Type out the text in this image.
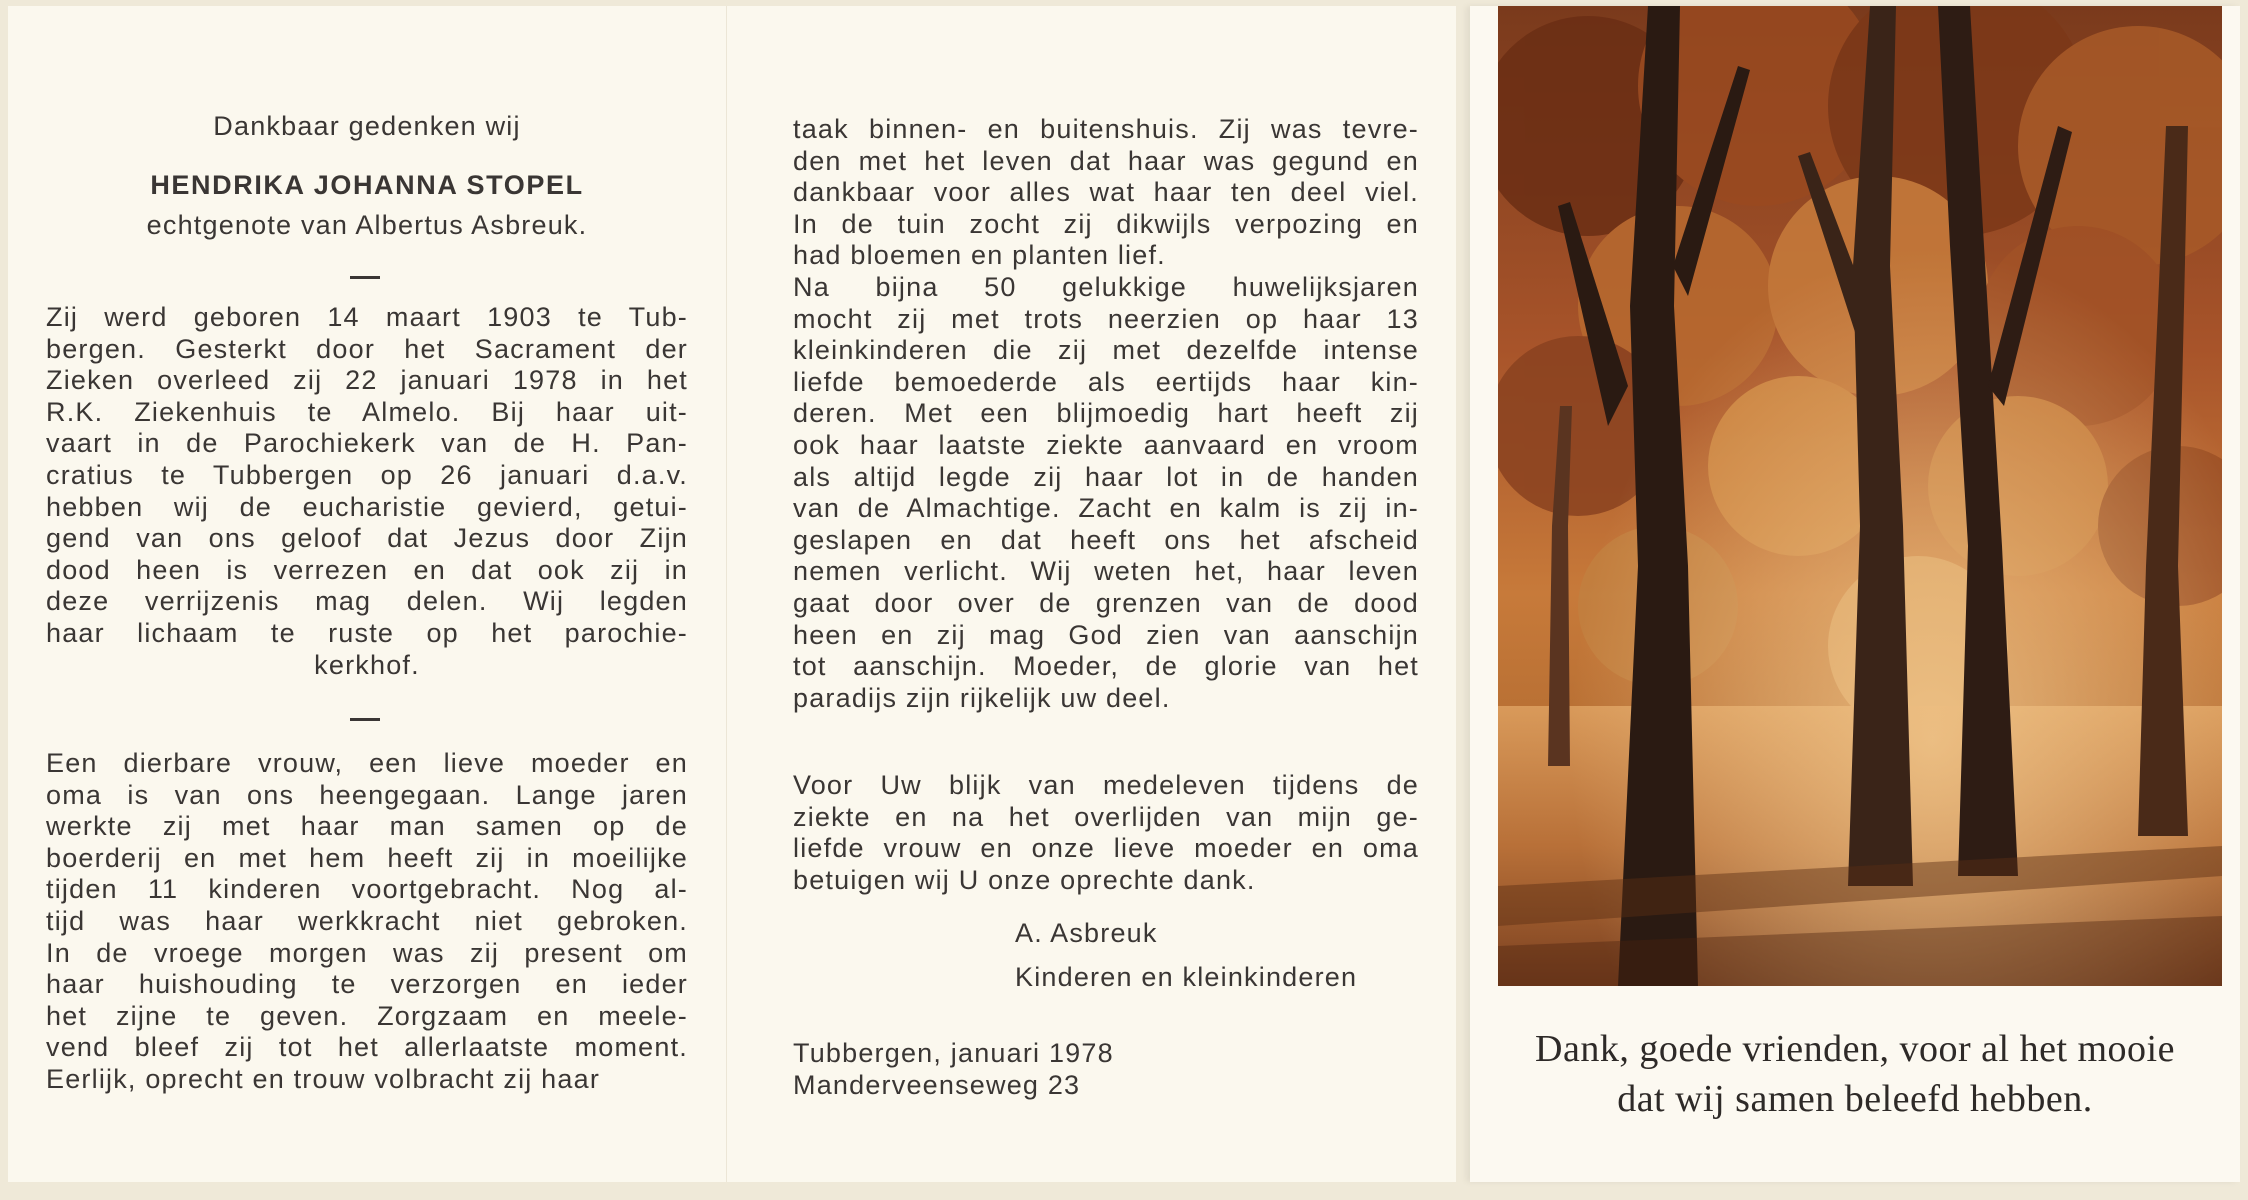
Dankbaar gedenken wij
HENDRIKA JOHANNA STOPEL
echtgenote van Albertus Asbreuk.
Zij werd geboren 14 maart 1903 te Tub-
bergen. Gesterkt door het Sacrament der
Zieken overleed zij 22 januari 1978 in het
R.K. Ziekenhuis te Almelo. Bij haar uit-
vaart in de Parochiekerk van de H. Pan-
cratius te Tubbergen op 26 januari d.a.v.
hebben wij de eucharistie gevierd, getui-
gend van ons geloof dat Jezus door Zijn
dood heen is verrezen en dat ook zij in
deze verrijzenis mag delen. Wij legden
haar lichaam te ruste op het parochie-
kerkhof.
Een dierbare vrouw, een lieve moeder en
oma is van ons heengegaan. Lange jaren
werkte zij met haar man samen op de
boerderij en met hem heeft zij in moeilijke
tijden 11 kinderen voortgebracht. Nog al-
tijd was haar werkkracht niet gebroken.
In de vroege morgen was zij present om
haar huishouding te verzorgen en ieder
het zijne te geven. Zorgzaam en meele-
vend bleef zij tot het allerlaatste moment.
Eerlijk, oprecht en trouw volbracht zij haar
taak binnen- en buitenshuis. Zij was tevre-
den met het leven dat haar was gegund en
dankbaar voor alles wat haar ten deel viel.
In de tuin zocht zij dikwijls verpozing en
had bloemen en planten lief.
Na bijna 50 gelukkige huwelijksjaren
mocht zij met trots neerzien op haar 13
kleinkinderen die zij met dezelfde intense
liefde bemoederde als eertijds haar kin-
deren. Met een blijmoedig hart heeft zij
ook haar laatste ziekte aanvaard en vroom
als altijd legde zij haar lot in de handen
van de Almachtige. Zacht en kalm is zij in-
geslapen en dat heeft ons het afscheid
nemen verlicht. Wij weten het, haar leven
gaat door over de grenzen van de dood
heen en zij mag God zien van aanschijn
tot aanschijn. Moeder, de glorie van het
paradijs zijn rijkelijk uw deel.
Voor Uw blijk van medeleven tijdens de
ziekte en na het overlijden van mijn ge-
liefde vrouw en onze lieve moeder en oma
betuigen wij U onze oprechte dank.
A. Asbreuk
Kinderen en kleinkinderen
Tubbergen, januari 1978
Manderveenseweg 23
Dank, goede vrienden, voor al het mooie
dat wij samen beleefd hebben.
